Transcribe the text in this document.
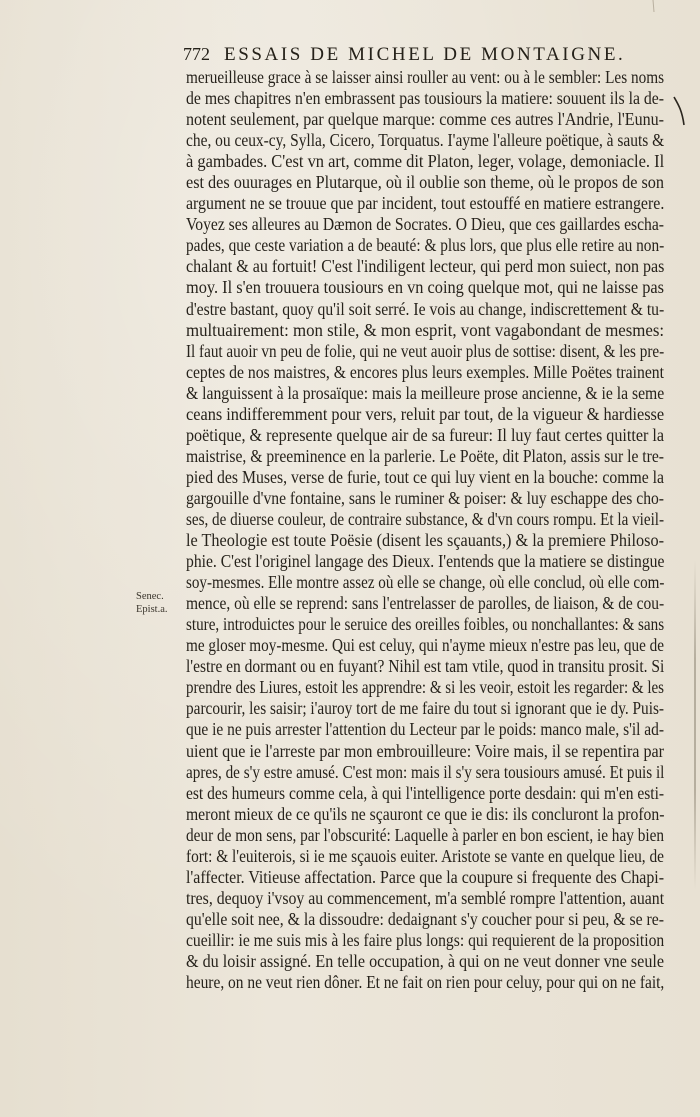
772 ESSAIS DE MICHEL DE MONTAIGNE.
Senec.
Epist.a.
merueilleuse grace à se laisser ainsi rouller au vent: ou à le sembler: Les noms
de mes chapitres n'en embrassent pas tousiours la matiere: souuent ils la de-
notent seulement, par quelque marque: comme ces autres l'Andrie, l'Eunu-
che, ou ceux-cy, Sylla, Cicero, Torquatus. I'ayme l'alleure poëtique, à sauts &
à gambades. C'est vn art, comme dit Platon, leger, volage, demoniacle. Il
est des ouurages en Plutarque, où il oublie son theme, où le propos de son
argument ne se trouue que par incident, tout estouffé en matiere estrangere.
Voyez ses alleures au Dæmon de Socrates. O Dieu, que ces gaillardes escha-
pades, que ceste variation a de beauté: & plus lors, que plus elle retire au non-
chalant & au fortuit! C'est l'indiligent lecteur, qui perd mon suiect, non pas
moy. Il s'en trouuera tousiours en vn coing quelque mot, qui ne laisse pas
d'estre bastant, quoy qu'il soit serré. Ie vois au change, indiscrettement & tu-
multuairement: mon stile, & mon esprit, vont vagabondant de mesmes:
Il faut auoir vn peu de folie, qui ne veut auoir plus de sottise: disent, & les pre-
ceptes de nos maistres, & encores plus leurs exemples. Mille Poëtes trainent
& languissent à la prosaïque: mais la meilleure prose ancienne, & ie la seme
ceans indifferemment pour vers, reluit par tout, de la vigueur & hardiesse
poëtique, & represente quelque air de sa fureur: Il luy faut certes quitter la
maistrise, & preeminence en la parlerie. Le Poëte, dit Platon, assis sur le tre-
pied des Muses, verse de furie, tout ce qui luy vient en la bouche: comme la
gargouille d'vne fontaine, sans le ruminer & poiser: & luy eschappe des cho-
ses, de diuerse couleur, de contraire substance, & d'vn cours rompu. Et la vieil-
le Theologie est toute Poësie (disent les sçauants,) & la premiere Philoso-
phie. C'est l'originel langage des Dieux. I'entends que la matiere se distingue
soy-mesmes. Elle montre assez où elle se change, où elle conclud, où elle com-
mence, où elle se reprend: sans l'entrelasser de parolles, de liaison, & de cou-
sture, introduictes pour le seruice des oreilles foibles, ou nonchallantes: & sans
me gloser moy-mesme. Qui est celuy, qui n'ayme mieux n'estre pas leu, que de
l'estre en dormant ou en fuyant? Nihil est tam vtile, quod in transitu prosit. Si
prendre des Liures, estoit les apprendre: & si les veoir, estoit les regarder: & les
parcourir, les saisir; i'auroy tort de me faire du tout si ignorant que ie dy. Puis-
que ie ne puis arrester l'attention du Lecteur par le poids: manco male, s'il ad-
uient que ie l'arreste par mon embrouilleure: Voire mais, il se repentira par
apres, de s'y estre amusé. C'est mon: mais il s'y sera tousiours amusé. Et puis il
est des humeurs comme cela, à qui l'intelligence porte desdain: qui m'en esti-
meront mieux de ce qu'ils ne sçauront ce que ie dis: ils concluront la profon-
deur de mon sens, par l'obscurité: Laquelle à parler en bon escient, ie hay bien
fort: & l'euiterois, si ie me sçauois euiter. Aristote se vante en quelque lieu, de
l'affecter. Vitieuse affectation. Parce que la coupure si frequente des Chapi-
tres, dequoy i'vsoy au commencement, m'a semblé rompre l'attention, auant
qu'elle soit nee, & la dissoudre: dedaignant s'y coucher pour si peu, & se re-
cueillir: ie me suis mis à les faire plus longs: qui requierent de la proposition
& du loisir assigné. En telle occupation, à qui on ne veut donner vne seule
heure, on ne veut rien dôner. Et ne fait on rien pour celuy, pour qui on ne fait,
